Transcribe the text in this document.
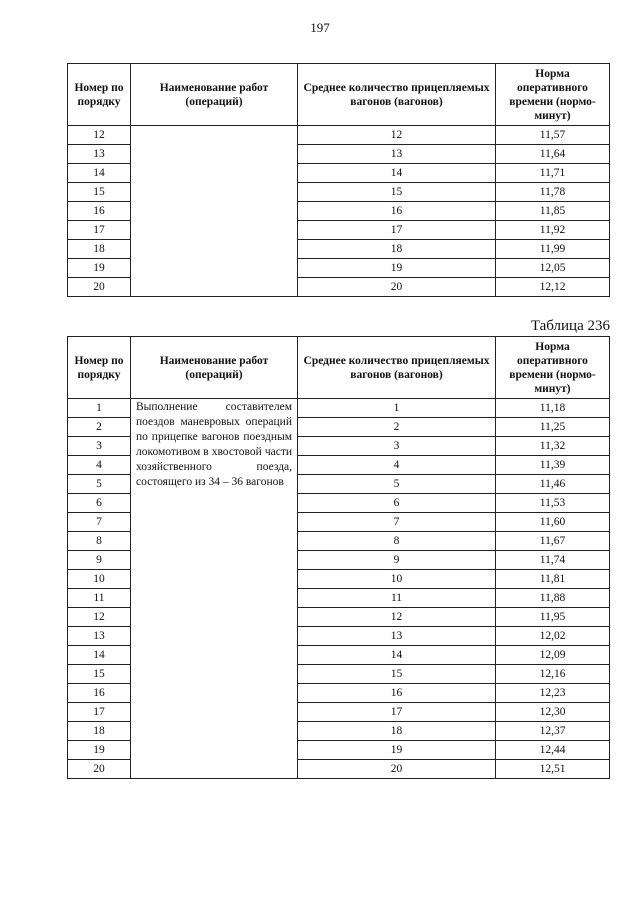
197
Номер по порядку	Наименование работ (операций)	Среднее количество прицепляемых вагонов (вагонов)	Норма оперативного времени (нормо-минут)
12		12	11,57
13		13	11,64
14		14	11,71
15		15	11,78
16		16	11,85
17		17	11,92
18		18	11,99
19		19	12,05
20		20	12,12
Таблица 236
Номер по порядку	Наименование работ (операций)	Среднее количество прицепляемых вагонов (вагонов)	Норма оперативного времени (нормо-минут)
1	Выполнение составителем поездов маневровых операций по прицепке вагонов поездным локомотивом в хвостовой части хозяйственного поезда, состоящего из 34 – 36 вагонов	1	11,18
2		2	11,25
3		3	11,32
4		4	11,39
5		5	11,46
6		6	11,53
7		7	11,60
8		8	11,67
9		9	11,74
10		10	11,81
11		11	11,88
12		12	11,95
13		13	12,02
14		14	12,09
15		15	12,16
16		16	12,23
17		17	12,30
18		18	12,37
19		19	12,44
20		20	12,51
